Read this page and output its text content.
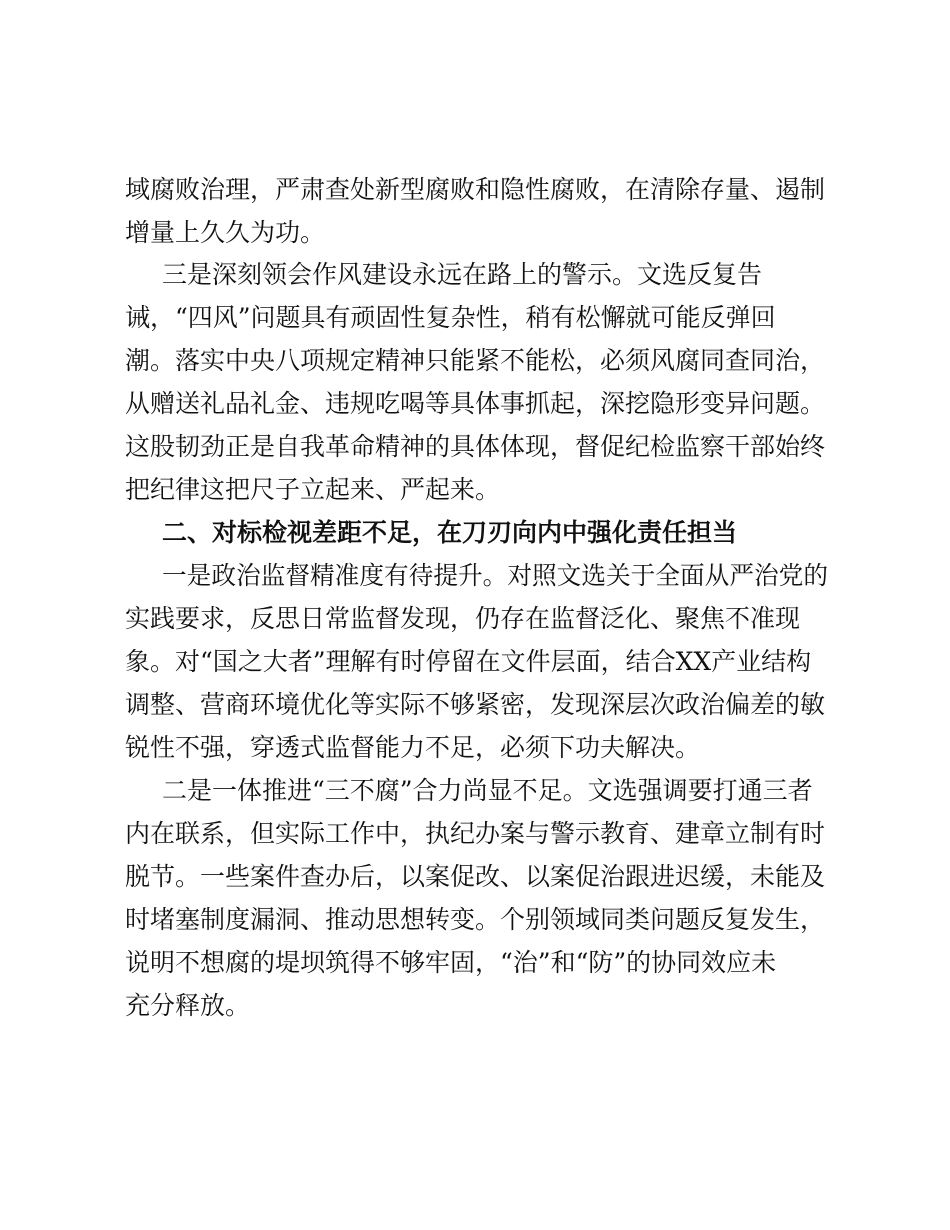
域腐败治理，严肃查处新型腐败和隐性腐败，在清除存量、遏制
增量上久久为功。
三是深刻领会作风建设永远在路上的警示。文选反复告
诫，“四风”问题具有顽固性复杂性，稍有松懈就可能反弹回
潮。落实中央八项规定精神只能紧不能松，必须风腐同查同治，
从赠送礼品礼金、违规吃喝等具体事抓起，深挖隐形变异问题。
这股韧劲正是自我革命精神的具体体现，督促纪检监察干部始终
把纪律这把尺子立起来、严起来。
二、对标检视差距不足，在刀刃向内中强化责任担当
一是政治监督精准度有待提升。对照文选关于全面从严治党的
实践要求，反思日常监督发现，仍存在监督泛化、聚焦不准现
象。对“国之大者”理解有时停留在文件层面，结合XX产业结构
调整、营商环境优化等实际不够紧密，发现深层次政治偏差的敏
锐性不强，穿透式监督能力不足，必须下功夫解决。
二是一体推进“三不腐”合力尚显不足。文选强调要打通三者
内在联系，但实际工作中，执纪办案与警示教育、建章立制有时
脱节。一些案件查办后，以案促改、以案促治跟进迟缓，未能及
时堵塞制度漏洞、推动思想转变。个别领域同类问题反复发生，
说明不想腐的堤坝筑得不够牢固，“治”和“防”的协同效应未
充分释放。
